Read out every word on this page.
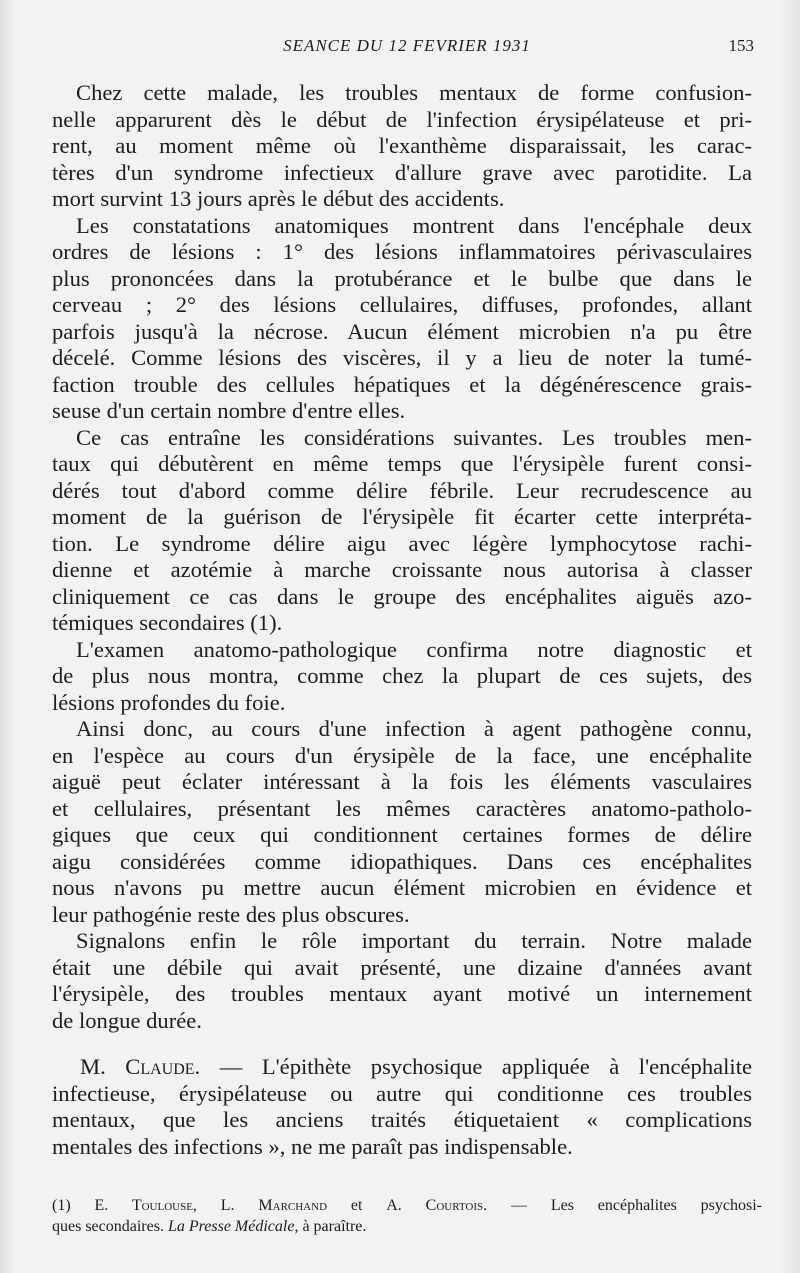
SEANCE DU 12 FEVRIER 1931	153
Chez cette malade, les troubles mentaux de forme confusion-
nelle apparurent dès le début de l'infection érysipélateuse et pri-
rent, au moment même où l'exanthème disparaissait, les carac-
tères d'un syndrome infectieux d'allure grave avec parotidite. La
mort survint 13 jours après le début des accidents.
Les constatations anatomiques montrent dans l'encéphale deux
ordres de lésions : 1° des lésions inflammatoires périvasculaires
plus prononcées dans la protubérance et le bulbe que dans le
cerveau ; 2° des lésions cellulaires, diffuses, profondes, allant
parfois jusqu'à la nécrose. Aucun élément microbien n'a pu être
décelé. Comme lésions des viscères, il y a lieu de noter la tumé-
faction trouble des cellules hépatiques et la dégénérescence grais-
seuse d'un certain nombre d'entre elles.
Ce cas entraîne les considérations suivantes. Les troubles men-
taux qui débutèrent en même temps que l'érysipèle furent consi-
dérés tout d'abord comme délire fébrile. Leur recrudescence au
moment de la guérison de l'érysipèle fit écarter cette interpréta-
tion. Le syndrome délire aigu avec légère lymphocytose rachi-
dienne et azotémie à marche croissante nous autorisa à classer
cliniquement ce cas dans le groupe des encéphalites aiguës azo-
témiques secondaires (1).
L'examen anatomo-pathologique confirma notre diagnostic et
de plus nous montra, comme chez la plupart de ces sujets, des
lésions profondes du foie.
Ainsi donc, au cours d'une infection à agent pathogène connu,
en l'espèce au cours d'un érysipèle de la face, une encéphalite
aiguë peut éclater intéressant à la fois les éléments vasculaires
et cellulaires, présentant les mêmes caractères anatomo-patholo-
giques que ceux qui conditionnent certaines formes de délire
aigu considérées comme idiopathiques. Dans ces encéphalites
nous n'avons pu mettre aucun élément microbien en évidence et
leur pathogénie reste des plus obscures.
Signalons enfin le rôle important du terrain. Notre malade
était une débile qui avait présenté, une dizaine d'années avant
l'érysipèle, des troubles mentaux ayant motivé un internement
de longue durée.
M. Claude. — L'épithète psychosique appliquée à l'encéphalite
infectieuse, érysipélateuse ou autre qui conditionne ces troubles
mentaux, que les anciens traités étiquetaient « complications
mentales des infections », ne me paraît pas indispensable.
(1) E. Toulouse, L. Marchand et A. Courtois. — Les encéphalites psychosi-
ques secondaires. La Presse Médicale, à paraître.
